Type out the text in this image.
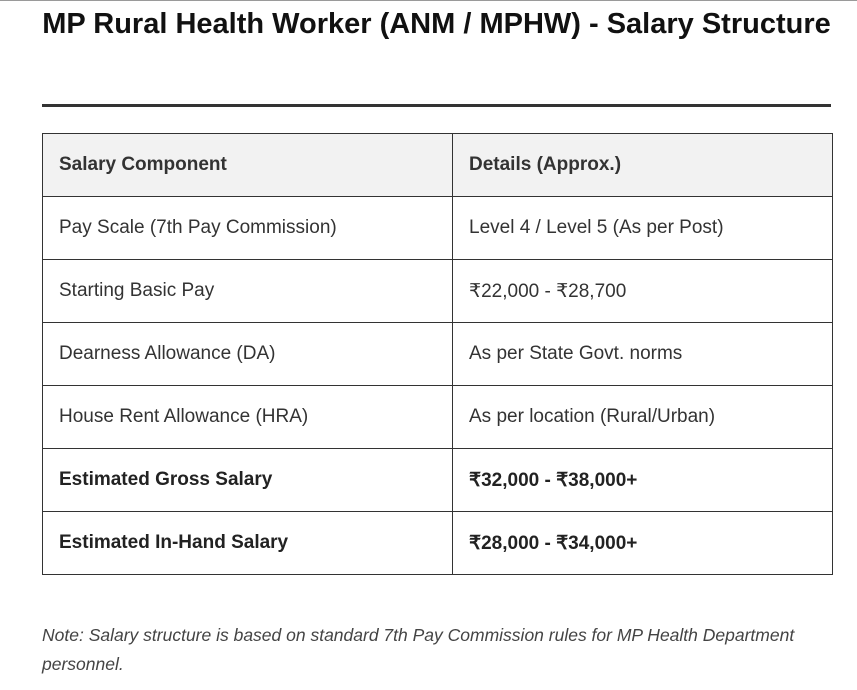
MP Rural Health Worker (ANM / MPHW) - Salary Structure
Salary Component	Details (Approx.)
Pay Scale (7th Pay Commission)	Level 4 / Level 5 (As per Post)
Starting Basic Pay	₹22,000 - ₹28,700
Dearness Allowance (DA)	As per State Govt. norms
House Rent Allowance (HRA)	As per location (Rural/Urban)
Estimated Gross Salary	₹32,000 - ₹38,000+
Estimated In-Hand Salary	₹28,000 - ₹34,000+

Note: Salary structure is based on standard 7th Pay Commission rules for MP Health Department personnel.
